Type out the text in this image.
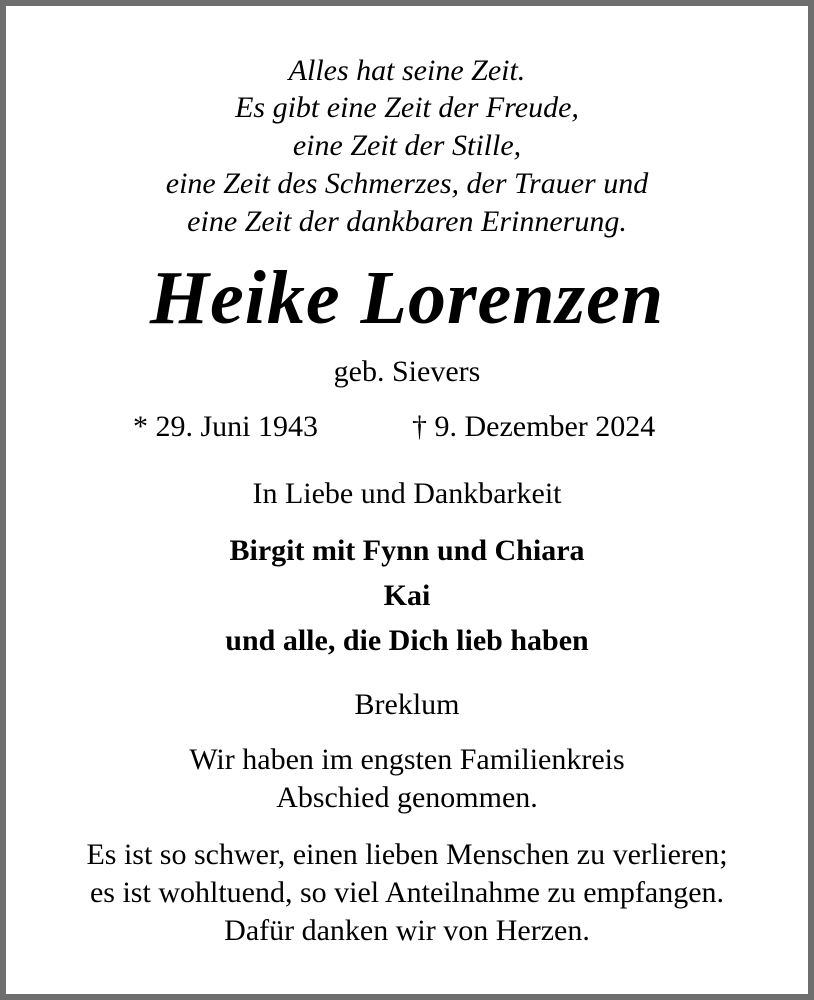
Alles hat seine Zeit.
Es gibt eine Zeit der Freude,
eine Zeit der Stille,
eine Zeit des Schmerzes, der Trauer und
eine Zeit der dankbaren Erinnerung.
Heike Lorenzen
geb. Sievers
* 29. Juni 1943	† 9. Dezember 2024
In Liebe und Dankbarkeit
Birgit mit Fynn und Chiara
Kai
und alle, die Dich lieb haben
Breklum
Wir haben im engsten Familienkreis
Abschied genommen.
Es ist so schwer, einen lieben Menschen zu verlieren;
es ist wohltuend, so viel Anteilnahme zu empfangen.
Dafür danken wir von Herzen.
